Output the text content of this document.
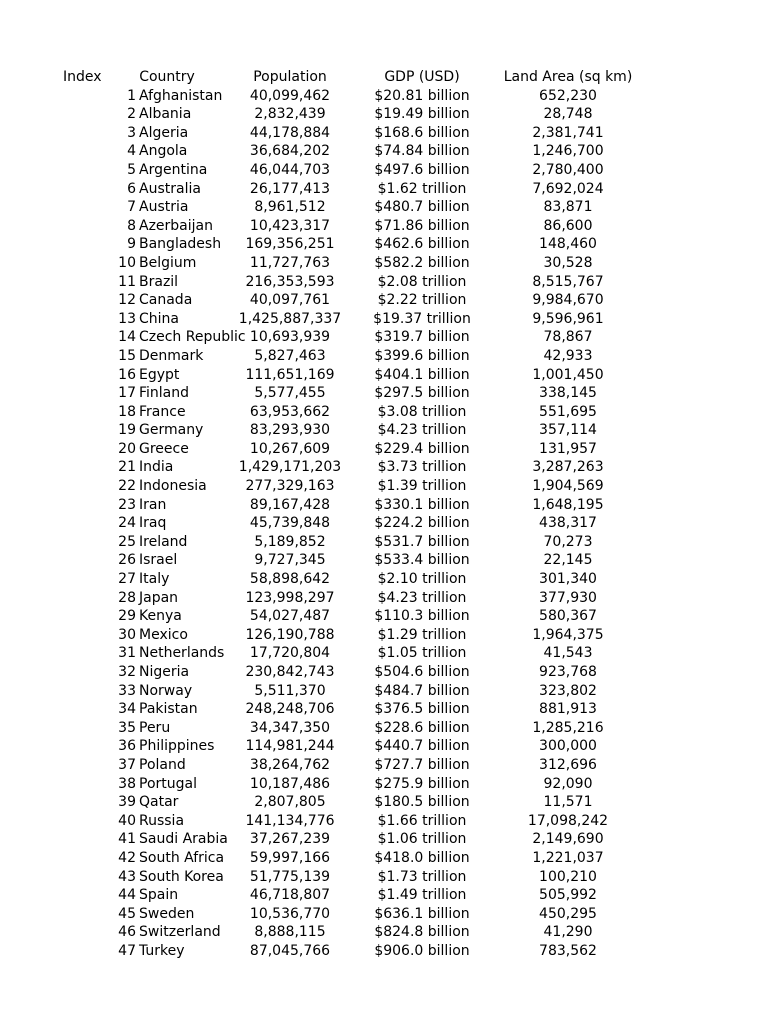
Index	Country	Population	GDP (USD)	Land Area (sq km)
1 Afghanistan	40,099,462	$20.81 billion	652,230
2 Albania	2,832,439	$19.49 billion	28,748
3 Algeria	44,178,884	$168.6 billion	2,381,741
4 Angola	36,684,202	$74.84 billion	1,246,700
5 Argentina	46,044,703	$497.6 billion	2,780,400
6 Australia	26,177,413	$1.62 trillion	7,692,024
7 Austria	8,961,512	$480.7 billion	83,871
8 Azerbaijan	10,423,317	$71.86 billion	86,600
9 Bangladesh	169,356,251	$462.6 billion	148,460
10 Belgium	11,727,763	$582.2 billion	30,528
11 Brazil	216,353,593	$2.08 trillion	8,515,767
12 Canada	40,097,761	$2.22 trillion	9,984,670
13 China	1,425,887,337	$19.37 trillion	9,596,961
14 Czech Republic 10,693,939	$319.7 billion	78,867
15 Denmark	5,827,463	$399.6 billion	42,933
16 Egypt	111,651,169	$404.1 billion	1,001,450
17 Finland	5,577,455	$297.5 billion	338,145
18 France	63,953,662	$3.08 trillion	551,695
19 Germany	83,293,930	$4.23 trillion	357,114
20 Greece	10,267,609	$229.4 billion	131,957
21 India	1,429,171,203	$3.73 trillion	3,287,263
22 Indonesia	277,329,163	$1.39 trillion	1,904,569
23 Iran	89,167,428	$330.1 billion	1,648,195
24 Iraq	45,739,848	$224.2 billion	438,317
25 Ireland	5,189,852	$531.7 billion	70,273
26 Israel	9,727,345	$533.4 billion	22,145
27 Italy	58,898,642	$2.10 trillion	301,340
28 Japan	123,998,297	$4.23 trillion	377,930
29 Kenya	54,027,487	$110.3 billion	580,367
30 Mexico	126,190,788	$1.29 trillion	1,964,375
31 Netherlands	17,720,804	$1.05 trillion	41,543
32 Nigeria	230,842,743	$504.6 billion	923,768
33 Norway	5,511,370	$484.7 billion	323,802
34 Pakistan	248,248,706	$376.5 billion	881,913
35 Peru	34,347,350	$228.6 billion	1,285,216
36 Philippines	114,981,244	$440.7 billion	300,000
37 Poland	38,264,762	$727.7 billion	312,696
38 Portugal	10,187,486	$275.9 billion	92,090
39 Qatar	2,807,805	$180.5 billion	11,571
40 Russia	141,134,776	$1.66 trillion	17,098,242
41 Saudi Arabia	37,267,239	$1.06 trillion	2,149,690
42 South Africa	59,997,166	$418.0 billion	1,221,037
43 South Korea	51,775,139	$1.73 trillion	100,210
44 Spain	46,718,807	$1.49 trillion	505,992
45 Sweden	10,536,770	$636.1 billion	450,295
46 Switzerland	8,888,115	$824.8 billion	41,290
47 Turkey	87,045,766	$906.0 billion	783,562
